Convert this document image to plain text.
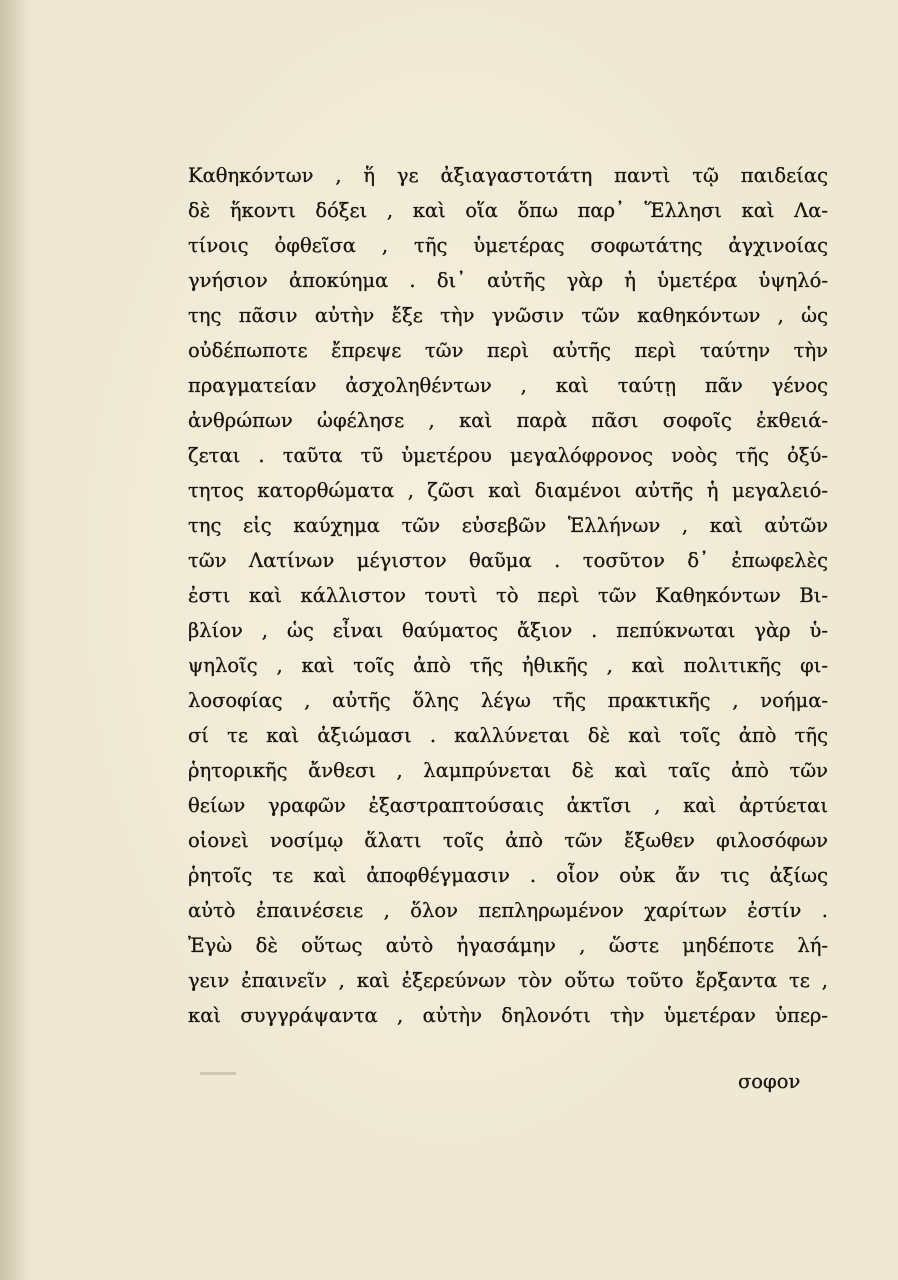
Καθηκόντων , ἥ γε ἀξιαγαστοτάτη παντὶ τῷ παιδείας
δὲ ἥκοντι δόξει , καὶ οἵα ὅπω παρ᾽ Ἕλλησι καὶ Λα-
τίνοις ὀφθεῖσα , τῆς ὑμετέρας σοφωτάτης ἀγχινοίας
γνήσιον ἀποκύημα . δι᾽ αὐτῆς γὰρ ἡ ὑμετέρα ὑψηλό-
της πᾶσιν αὐτὴν ἔξε τὴν γνῶσιν τῶν καθηκόντων , ὡς
οὐδέπωποτε ἔπρεψε τῶν περὶ αὐτῆς περὶ ταύτην τὴν
πραγματείαν ἀσχοληθέντων , καὶ ταύτῃ πᾶν γένος
ἀνθρώπων ὠφέλησε , καὶ παρὰ πᾶσι σοφοῖς ἐκθειά-
ζεται . ταῦτα τῦ ὑμετέρου μεγαλόφρονος νοὸς τῆς ὀξύ-
τητος κατορθώματα , ζῶσι καὶ διαμένοι αὐτῆς ἡ μεγαλειό-
της εἰς καύχημα τῶν εὐσεβῶν Ἑλλήνων , καὶ αὐτῶν
τῶν Λατίνων μέγιστον θαῦμα . τοσῦτον δ᾽ ἐπωφελὲς
ἐστι καὶ κάλλιστον τουτὶ τὸ περὶ τῶν Καθηκόντων Βι-
βλίον , ὡς εἶναι θαύματος ἄξιον . πεπύκνωται γὰρ ὑ-
ψηλοῖς , καὶ τοῖς ἀπὸ τῆς ἠθικῆς , καὶ πολιτικῆς φι-
λοσοφίας , αὐτῆς ὅλης λέγω τῆς πρακτικῆς , νοήμα-
σί τε καὶ ἀξιώμασι . καλλύνεται δὲ καὶ τοῖς ἀπὸ τῆς
ῥητορικῆς ἄνθεσι , λαμπρύνεται δὲ καὶ ταῖς ἀπὸ τῶν
θείων γραφῶν ἐξαστραπτούσαις ἀκτῖσι , καὶ ἀρτύεται
οἱονεὶ νοσίμῳ ἅλατι τοῖς ἀπὸ τῶν ἔξωθεν φιλοσόφων
ῥητοῖς τε καὶ ἀποφθέγμασιν . οἷον οὐκ ἄν τις ἀξίως
αὐτὸ ἐπαινέσειε , ὅλον πεπληρωμένον χαρίτων ἐστίν .
Ἐγὼ δὲ οὕτως αὐτὸ ἠγασάμην , ὥστε μηδέποτε λή-
γειν ἐπαινεῖν , καὶ ἐξερεύνων τὸν οὕτω τοῦτο ἔρξαντα τε ,
καὶ συγγράψαντα , αὐτὴν δηλονότι τὴν ὑμετέραν ὑπερ-
σοφον
